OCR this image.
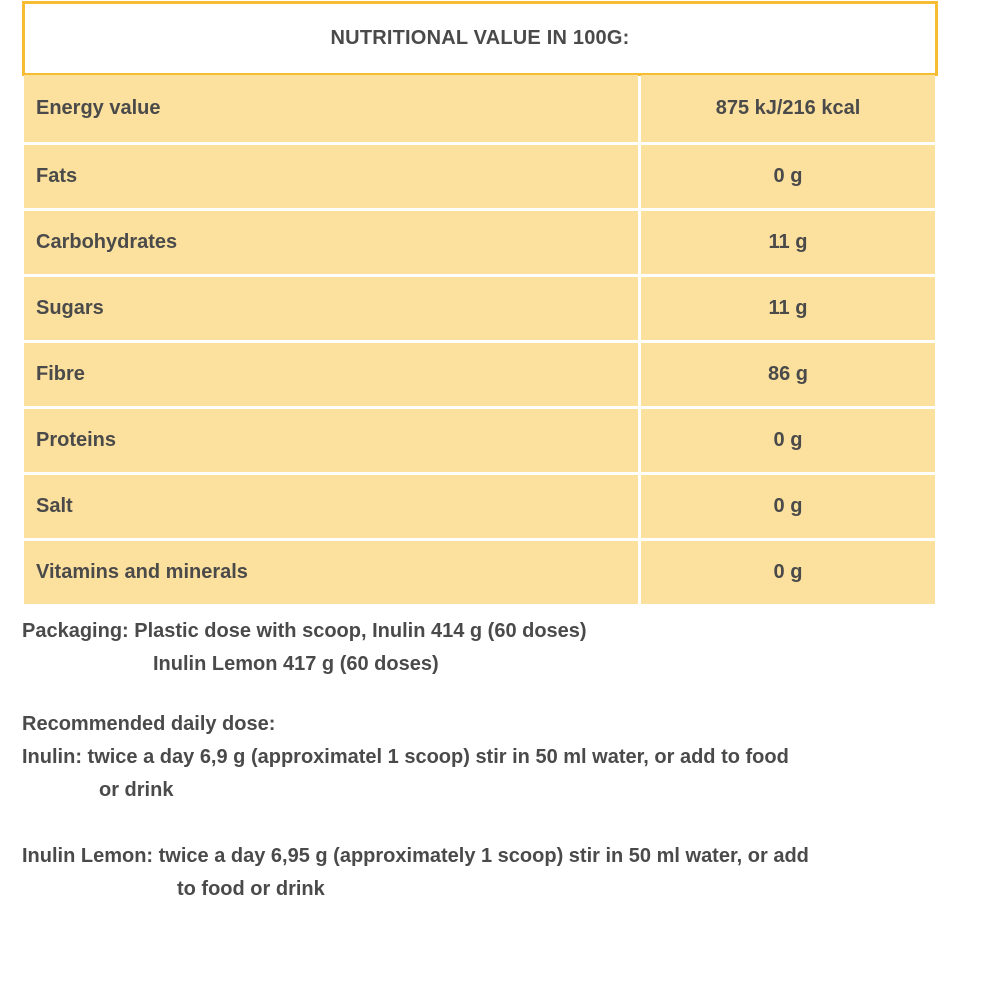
NUTRITIONAL VALUE IN 100G:
Energy value	875 kJ/216 kcal
Fats	0 g
Carbohydrates	11 g
Sugars	11 g
Fibre	86 g
Proteins	0 g
Salt	0 g
Vitamins and minerals	0 g
Packaging: Plastic dose with scoop, Inulin 414 g (60 doses)
Inulin Lemon 417 g (60 doses)
Recommended daily dose:
Inulin: twice a day 6,9 g (approximatel 1 scoop) stir in 50 ml water, or add to food
or drink
Inulin Lemon: twice a day 6,95 g (approximately 1 scoop) stir in 50 ml water, or add
to food or drink
